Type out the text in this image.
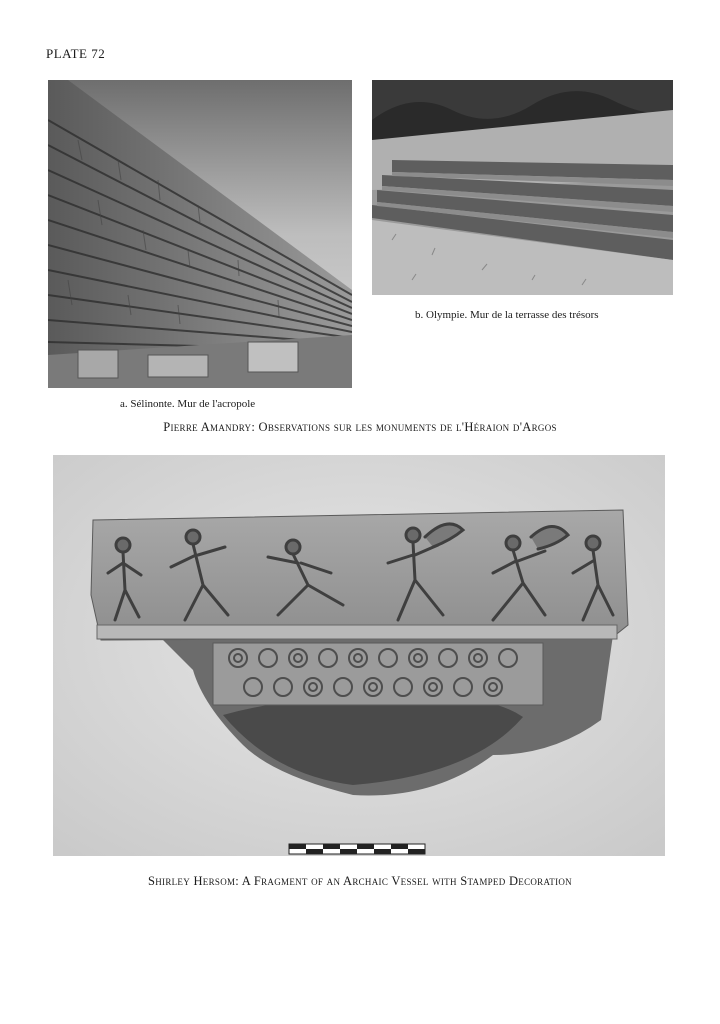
PLATE 72
b. Olympie. Mur de la terrasse des trésors
a. Sélinonte. Mur de l'acropole
Pierre Amandry: Observations sur les monuments de l'Héraion d'Argos
Shirley Hersom: A Fragment of an Archaic Vessel with Stamped Decoration
